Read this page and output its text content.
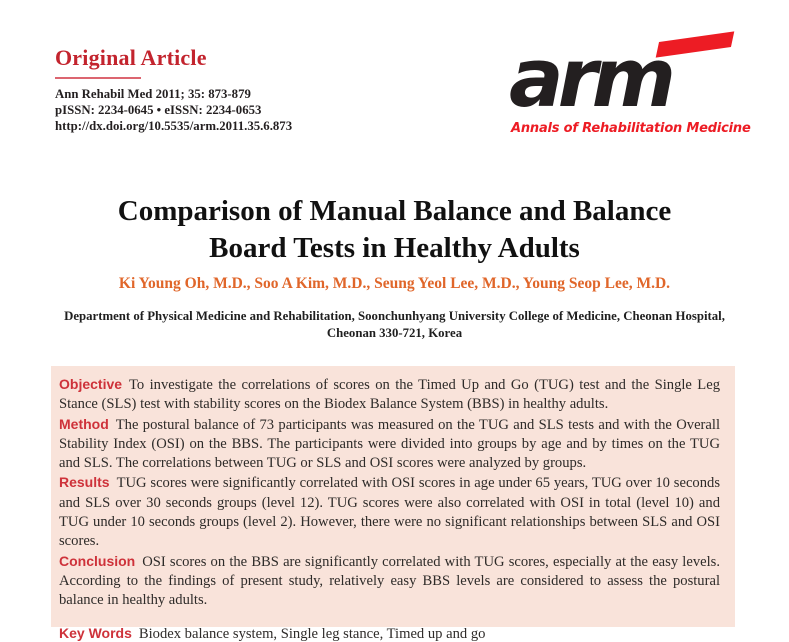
Original Article
Ann Rehabil Med 2011; 35: 873-879
pISSN: 2234-0645 • eISSN: 2234-0653
http://dx.doi.org/10.5535/arm.2011.35.6.873	arm
Annals of Rehabilitation Medicine
Comparison of Manual Balance and Balance
Board Tests in Healthy Adults
Ki Young Oh, M.D., Soo A Kim, M.D., Seung Yeol Lee, M.D., Young Seop Lee, M.D.
Department of Physical Medicine and Rehabilitation, Soonchunhyang University College of Medicine, Cheonan Hospital,
Cheonan 330-721, Korea

Objective To investigate the correlations of scores on the Timed Up and Go (TUG) test and the Single Leg Stance (SLS) test with stability scores on the Biodex Balance System (BBS) in healthy adults.

Method The postural balance of 73 participants was measured on the TUG and SLS tests and with the Overall Stability Index (OSI) on the BBS. The participants were divided into groups by age and by times on the TUG and SLS. The correlations between TUG or SLS and OSI scores were analyzed by groups.

Results TUG scores were significantly correlated with OSI scores in age under 65 years, TUG over 10 seconds and SLS over 30 seconds groups (level 12). TUG scores were also correlated with OSI in total (level 10) and TUG under 10 seconds groups (level 2). However, there were no significant relationships between SLS and OSI scores.

Conclusion OSI scores on the BBS are significantly correlated with TUG scores, especially at the easy levels. According to the findings of present study, relatively easy BBS levels are considered to assess the postural balance in healthy adults.

Key Words Biodex balance system, Single leg stance, Timed up and go
